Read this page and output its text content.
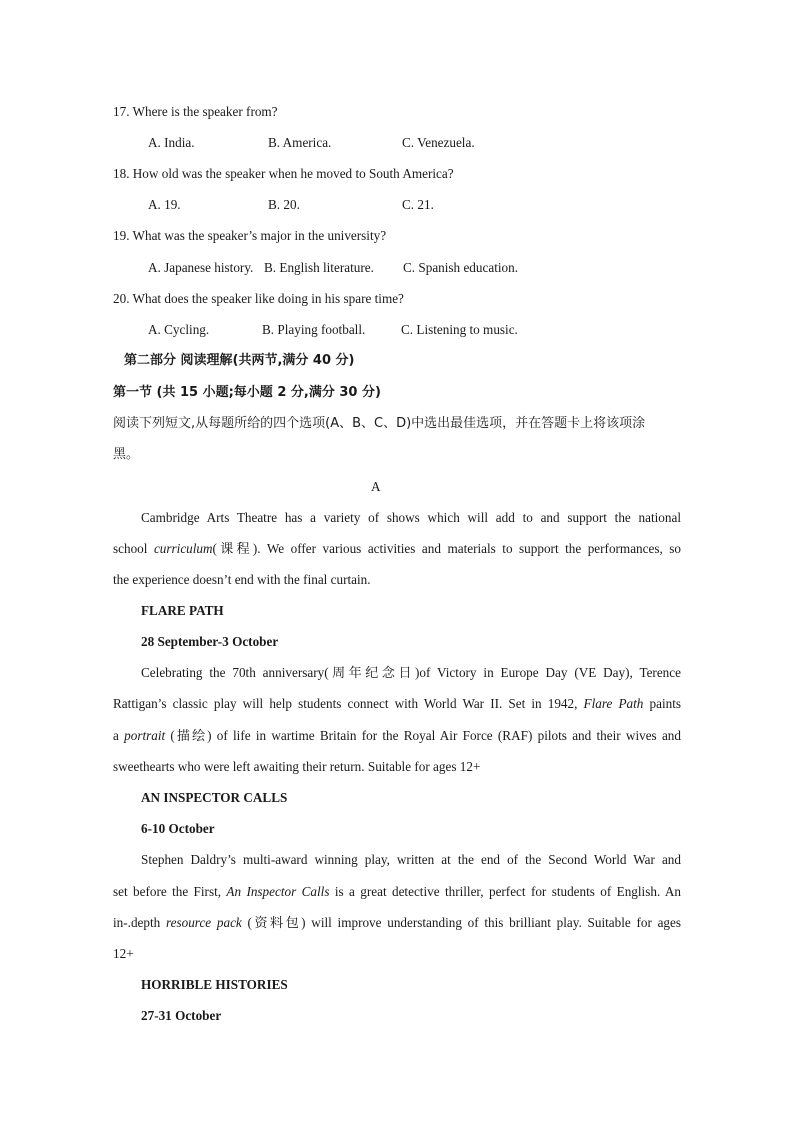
17. Where is the speaker from?
A. India.	B. America.	C. Venezuela.
18. How old was the speaker when he moved to South America?
A. 19.	B. 20.	C. 21.
19. What was the speaker’s major in the university?
A. Japanese history. B. English literature. C. Spanish education.
20. What does the speaker like doing in his spare time?
A. Cycling.	B. Playing football.	C. Listening to music.
第二部分 阅读理解(共两节,满分 40 分)
第一节 (共 15 小题;每小题 2 分,满分 30 分)
阅读下列短文,从每题所给的四个选项(A、B、C、D)中选出最佳选项，并在答题卡上将该项涂
黑。
A
Cambridge Arts Theatre has a variety of shows which will add to and support the national
school curriculum(课程). We offer various activities and materials to support the performances, so
the experience doesn’t end with the final curtain.
FLARE PATH
28 September-3 October
Celebrating the 70th anniversary(周年纪念日)of Victory in Europe Day (VE Day), Terence
Rattigan’s classic play will help students connect with World War II. Set in 1942, Flare Path paints
a portrait (描绘) of life in wartime Britain for the Royal Air Force (RAF) pilots and their wives and
sweethearts who were left awaiting their return. Suitable for ages 12+
AN INSPECTOR CALLS
6-10 October
Stephen Daldry’s multi-award winning play, written at the end of the Second World War and
set before the First, An Inspector Calls is a great detective thriller, perfect for students of English. An
in-.depth resource pack (资料包) will improve understanding of this brilliant play. Suitable for ages
12+
HORRIBLE HISTORIES
27-31 October
